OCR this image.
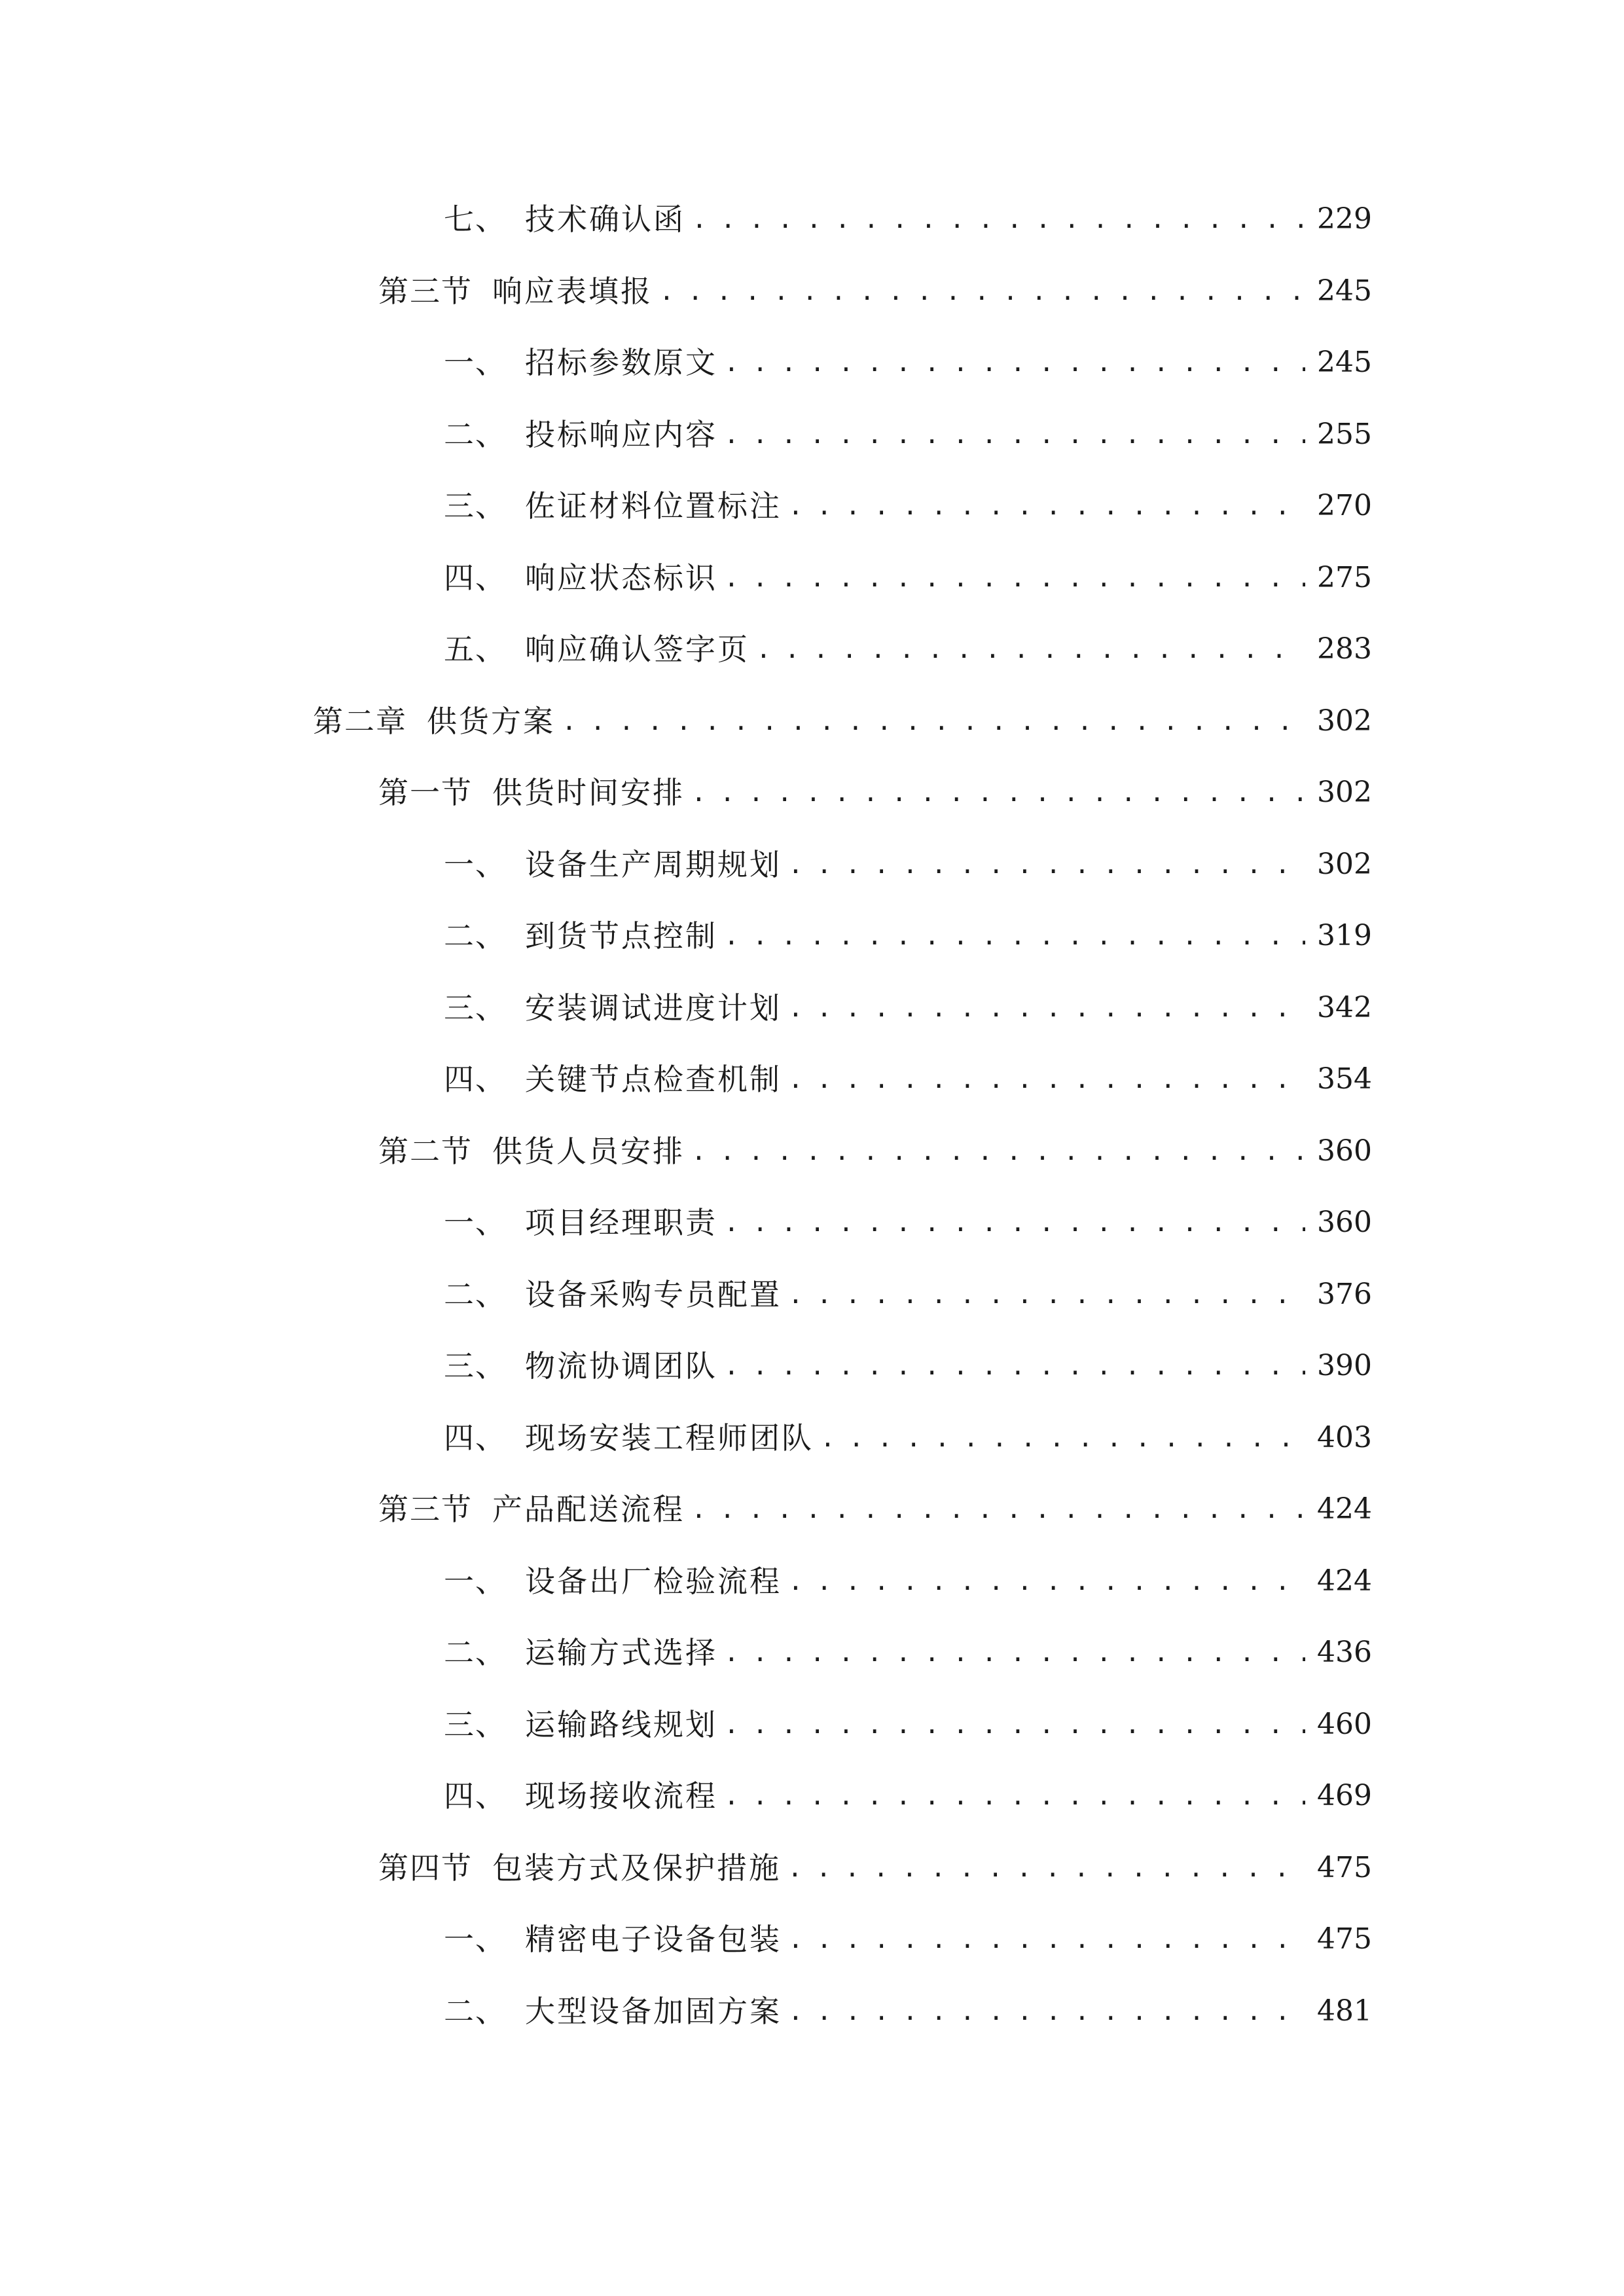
七、 技术确认函 . . .	229
第三节 响应表填报 . . .	245
一、 招标参数原文 . . .	245
二、 投标响应内容 . . .	255
三、 佐证材料位置标注 . . .	270
四、 响应状态标识 . . .	275
五、 响应确认签字页 . . .	283
第二章 供货方案 . . .	302
第一节 供货时间安排 . . .	302
一、 设备生产周期规划 . . .	302
二、 到货节点控制 . . .	319
三、 安装调试进度计划 . . .	342
四、 关键节点检查机制 . . .	354
第二节 供货人员安排 . . .	360
一、 项目经理职责 . . .	360
二、 设备采购专员配置 . . .	376
三、 物流协调团队 . . .	390
四、 现场安装工程师团队 . . .	403
第三节 产品配送流程 . . .	424
一、 设备出厂检验流程 . . .	424
二、 运输方式选择 . . .	436
三、 运输路线规划 . . .	460
四、 现场接收流程 . . .	469
第四节 包装方式及保护措施 . . .	475
一、 精密电子设备包装 . . .	475
二、 大型设备加固方案 . . .	481
